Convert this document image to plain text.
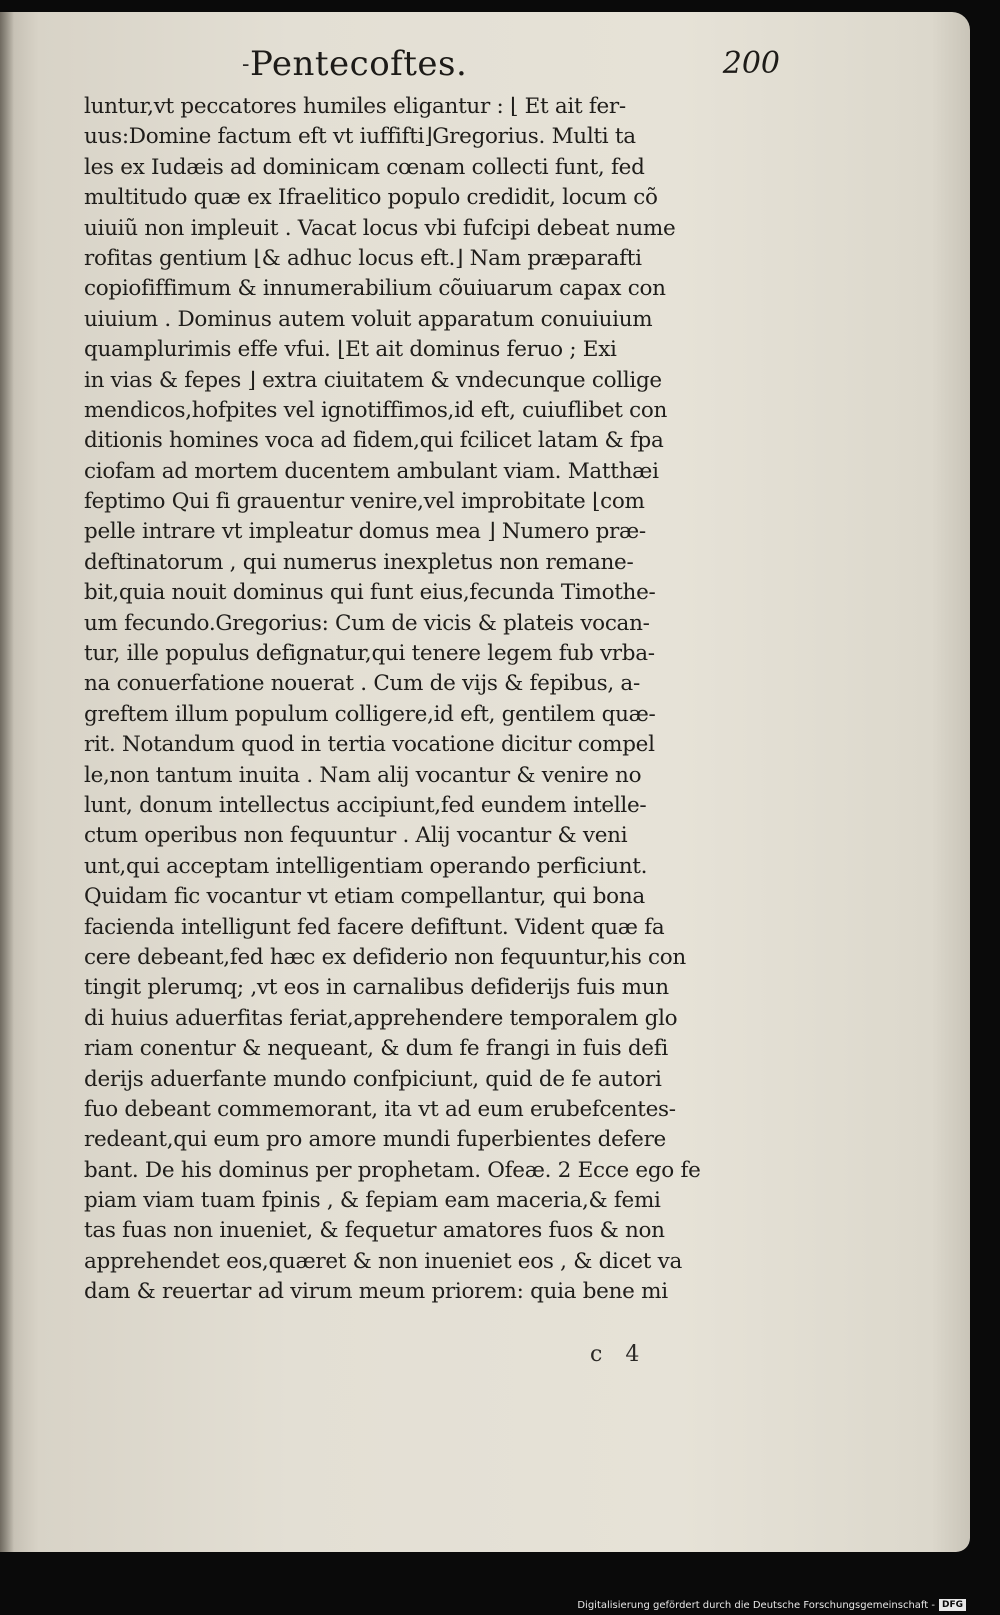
- Pentecoftes.	200
luntur,vt peccatores humiles eligantur : ⌊ Et ait fer-
uus:Domine factum eft vt iuffifti⌋Gregorius. Multi ta
les ex Iudæis ad dominicam cœnam collecti funt, fed
multitudo quæ ex Ifraelitico populo credidit, locum cõ
uiuiũ non impleuit . Vacat locus vbi fufcipi debeat nume
rofitas gentium ⌊& adhuc locus eft.⌋ Nam præparafti
copiofiffimum & innumerabilium cõuiuarum capax con
uiuium . Dominus autem voluit apparatum conuiuium
quamplurimis effe vfui. ⌊Et ait dominus feruo ; Exi
in vias & fepes ⌋ extra ciuitatem & vndecunque collige
mendicos,hofpites vel ignotiffimos,id eft, cuiuflibet con
ditionis homines voca ad fidem,qui fcilicet latam & fpa
ciofam ad mortem ducentem ambulant viam. Matthæi
feptimo Qui fi grauentur venire,vel improbitate ⌊com
pelle intrare vt impleatur domus mea ⌋ Numero præ-
deftinatorum , qui numerus inexpletus non remane-
bit,quia nouit dominus qui funt eius,fecunda Timothe-
um fecundo.Gregorius: Cum de vicis & plateis vocan-
tur, ille populus defignatur,qui tenere legem fub vrba-
na conuerfatione nouerat . Cum de vijs & fepibus, a-
greftem illum populum colligere,id eft, gentilem quæ-
rit. Notandum quod in tertia vocatione dicitur compel
le,non tantum inuita . Nam alij vocantur & venire no
lunt, donum intellectus accipiunt,fed eundem intelle-
ctum operibus non fequuntur . Alij vocantur & veni
unt,qui acceptam intelligentiam operando perficiunt.
Quidam fic vocantur vt etiam compellantur, qui bona
facienda intelligunt fed facere defiftunt. Vident quæ fa
cere debeant,fed hæc ex defiderio non fequuntur,his con
tingit plerumq; ,vt eos in carnalibus defiderijs fuis mun
di huius aduerfitas feriat,apprehendere temporalem glo
riam conentur & nequeant, & dum fe frangi in fuis defi
derijs aduerfante mundo confpiciunt, quid de fe autori
fuo debeant commemorant, ita vt ad eum erubefcentes-
redeant,qui eum pro amore mundi fuperbientes defere
bant. De his dominus per prophetam. Ofeæ. 2 Ecce ego fe
piam viam tuam fpinis , & fepiam eam maceria,& femi
tas fuas non inueniet, & fequetur amatores fuos & non
apprehendet eos,quæret & non inueniet eos , & dicet va
dam & reuertar ad virum meum priorem: quia bene mi
c 4
Digitalisierung gefördert durch die Deutsche Forschungsgemeinschaft - DFG
